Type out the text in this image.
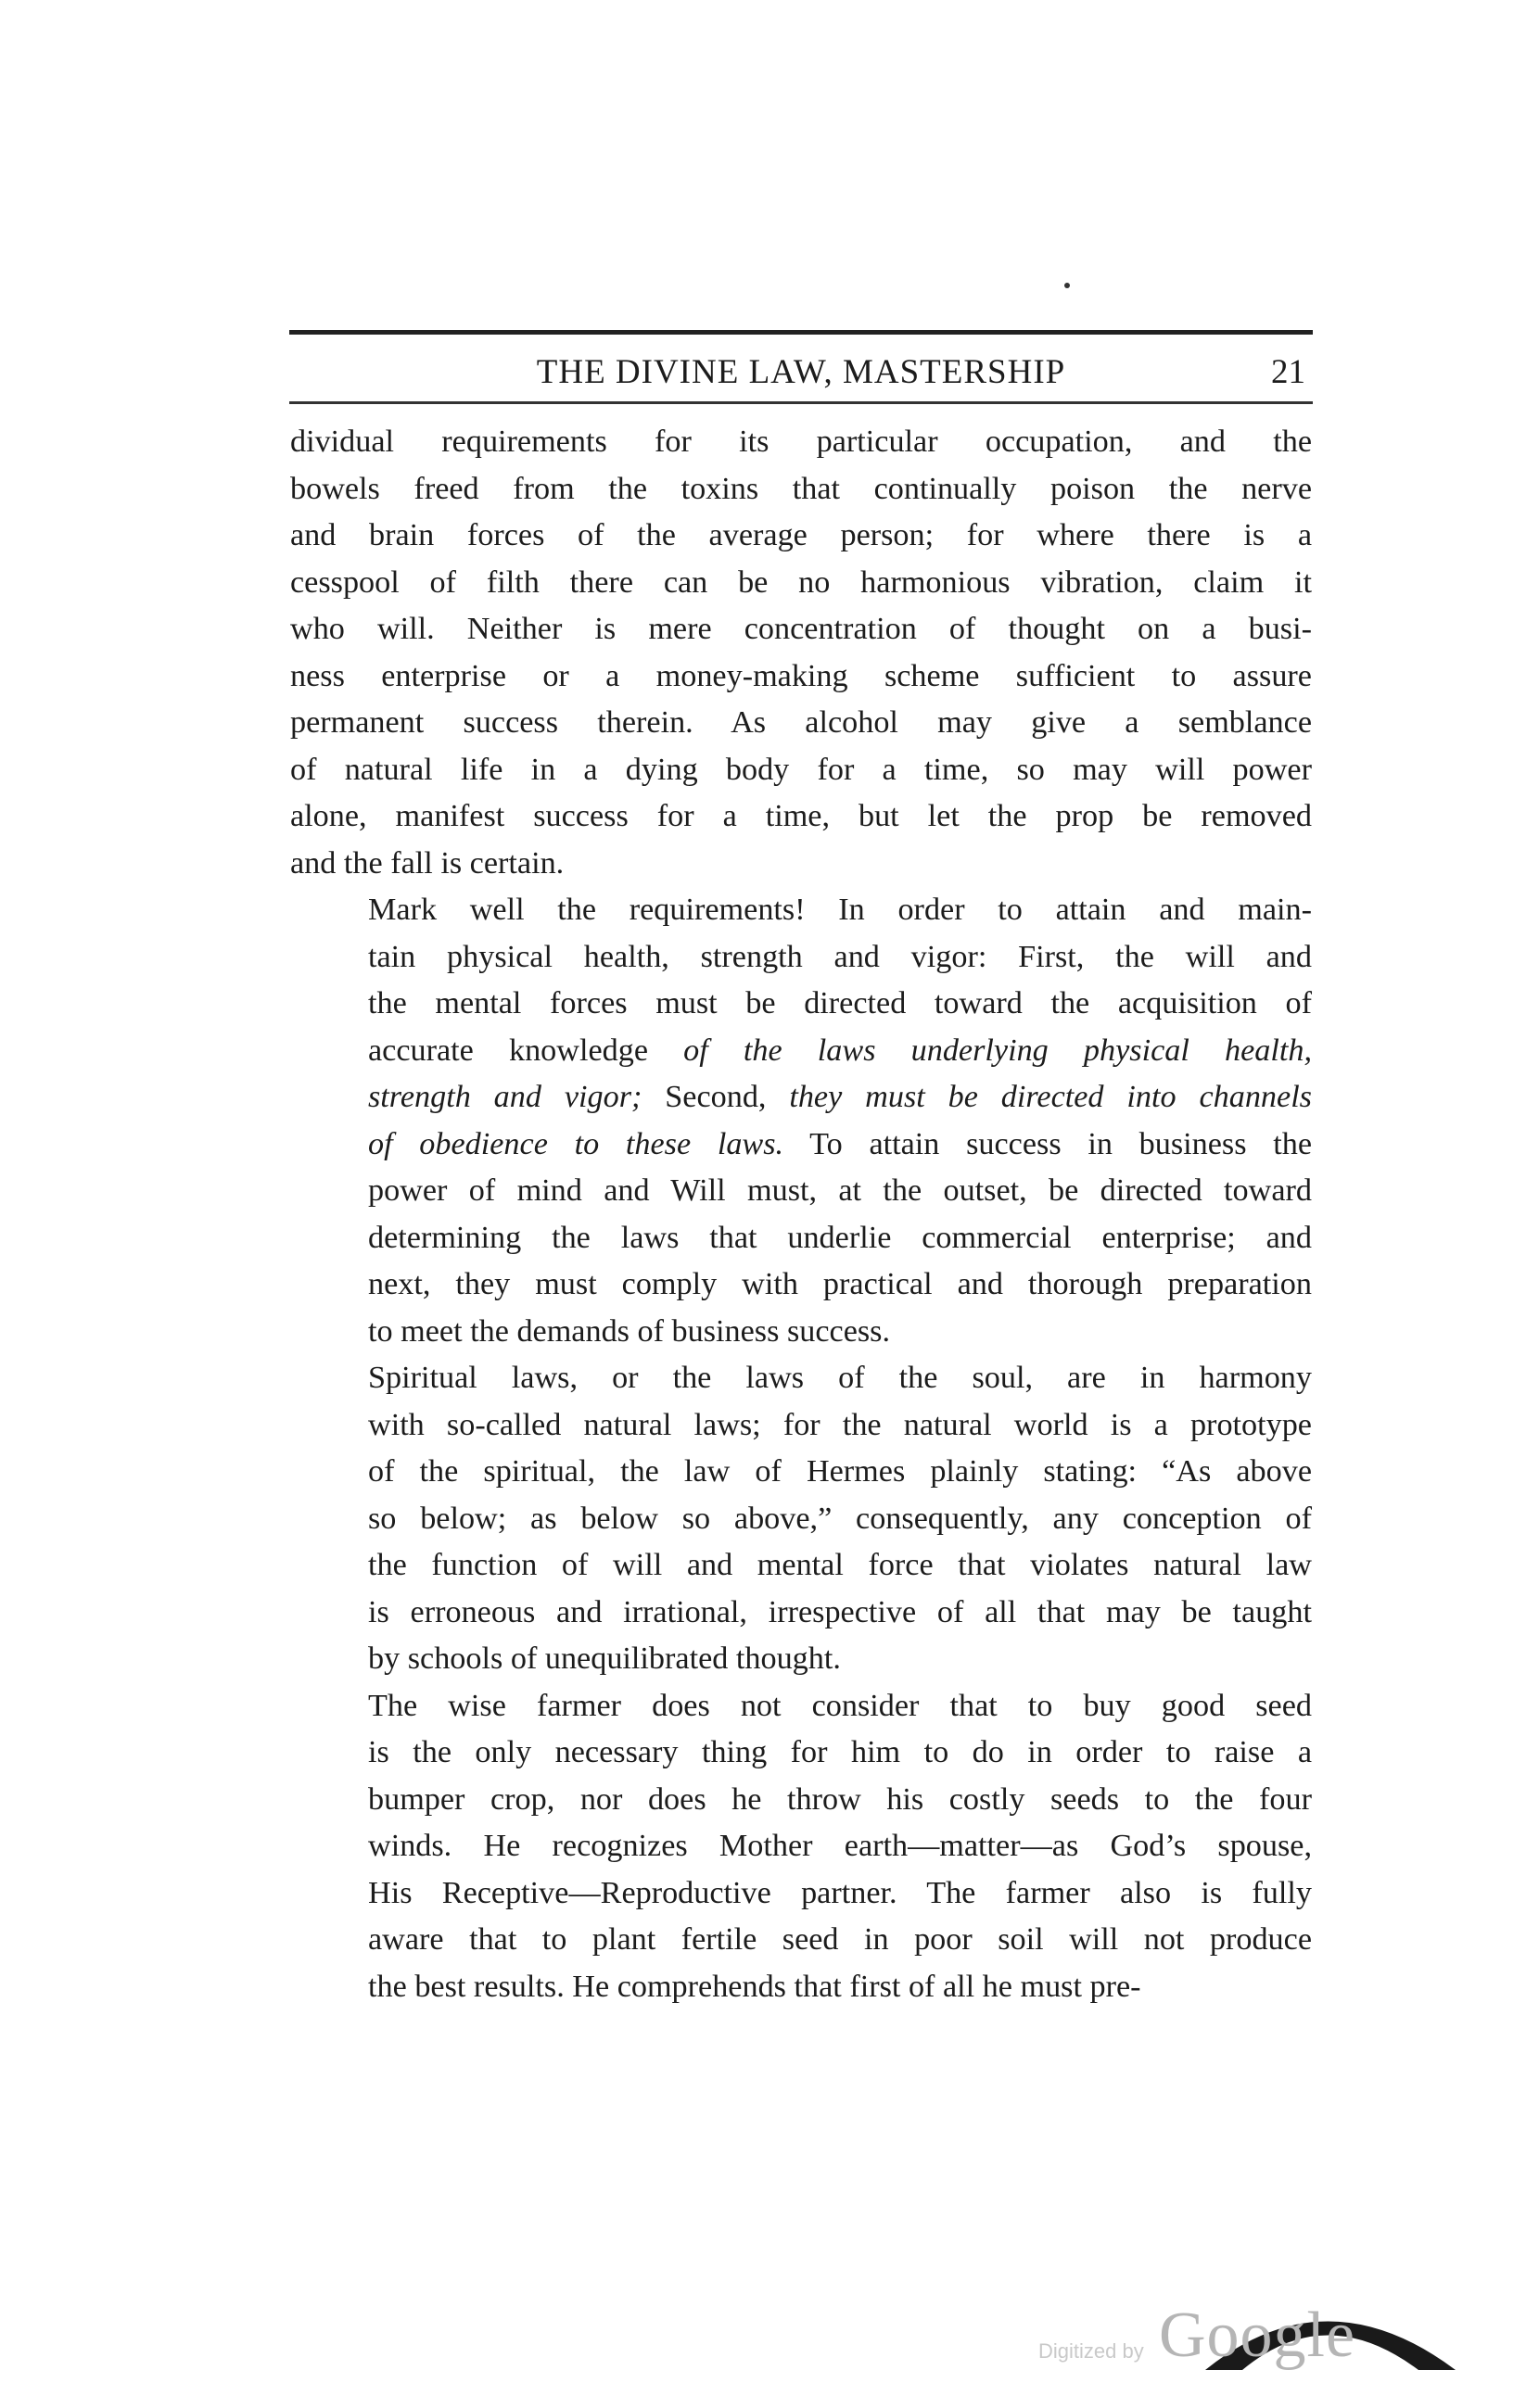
THE DIVINE LAW, MASTERSHIP	21

dividual requirements for its particular occupation, and the
bowels freed from the toxins that continually poison the nerve
and brain forces of the average person; for where there is a
cesspool of filth there can be no harmonious vibration, claim it
who will. Neither is mere concentration of thought on a busi-
ness enterprise or a money-making scheme sufficient to assure
permanent success therein. As alcohol may give a semblance
of natural life in a dying body for a time, so may will power
alone, manifest success for a time, but let the prop be removed
and the fall is certain.

Mark well the requirements! In order to attain and main-
tain physical health, strength and vigor: First, the will and
the mental forces must be directed toward the acquisition of
accurate knowledge of the laws underlying physical health,
strength and vigor; Second, they must be directed into channels
of obedience to these laws. To attain success in business the
power of mind and Will must, at the outset, be directed toward
determining the laws that underlie commercial enterprise; and
next, they must comply with practical and thorough preparation
to meet the demands of business success.

Spiritual laws, or the laws of the soul, are in harmony
with so-called natural laws; for the natural world is a prototype
of the spiritual, the law of Hermes plainly stating: “As above
so below; as below so above,” consequently, any conception of
the function of will and mental force that violates natural law
is erroneous and irrational, irrespective of all that may be taught
by schools of unequilibrated thought.

The wise farmer does not consider that to buy good seed
is the only necessary thing for him to do in order to raise a
bumper crop, nor does he throw his costly seeds to the four
winds. He recognizes Mother earth—matter—as God’s spouse,
His Receptive—Reproductive partner. The farmer also is fully
aware that to plant fertile seed in poor soil will not produce
the best results. He comprehends that first of all he must pre-

Digitized by Google
